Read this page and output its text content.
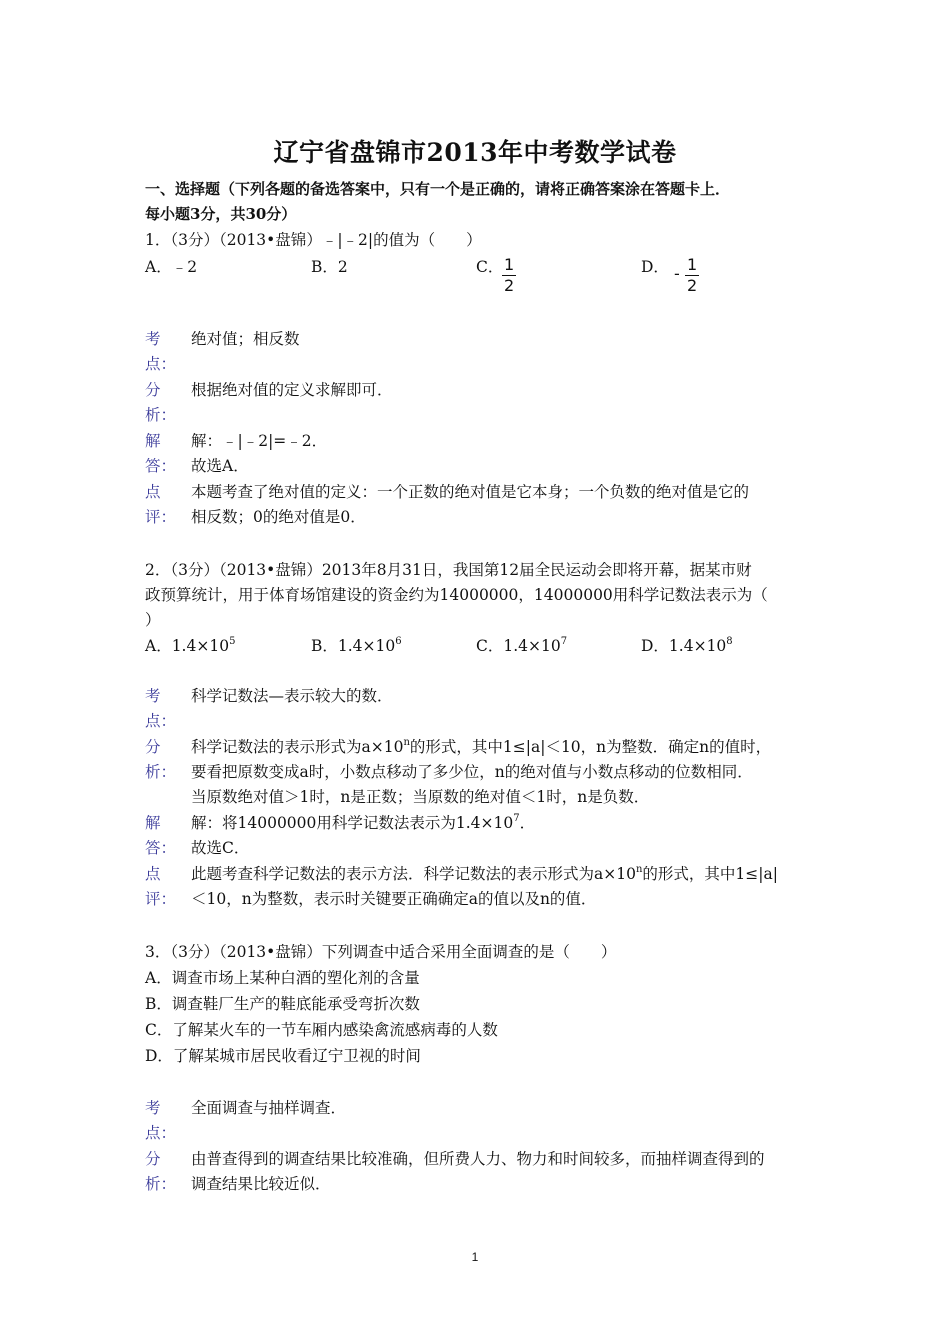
辽宁省盘锦市2013年中考数学试卷
一、选择题（下列各题的备选答案中，只有一个是正确的，请将正确答案涂在答题卡上．
每小题3分，共30分）
1．（3分）（2013•盘锦）﹣|﹣2|的值为（　　）
A．﹣2	B．2	C．
$\frac{1}{2}$	D． - $\frac{1}{2}$
考
点：
绝对值；相反数
分
析：
根据绝对值的定义求解即可．
解
答：
解：﹣|﹣2|=﹣2．
故选A．
点
评：
本题考查了绝对值的定义：一个正数的绝对值是它本身；一个负数的绝对值是它的
相反数；0的绝对值是0．
2．（3分）（2013•盘锦）2013年8月31日，我国第12届全民运动会即将开幕，据某市财
政预算统计，用于体育场馆建设的资金约为14000000，14000000用科学记数法表示为（
）
A．$1.4\times 10^5$	B．$1.4\times 10^6$	C．$1.4\times 10^7$	D．$1.4\times 10^8$
考
点：
科学记数法—表示较大的数．
分
析：
科学记数法的表示形式为$a\times 10^n$的形式，其中1≤|a|＜10，n为整数．确定n的值时，
要看把原数变成a时，小数点移动了多少位，n的绝对值与小数点移动的位数相同．
当原数绝对值＞1时，n是正数；当原数的绝对值＜1时，n是负数．
解
答：
解：将14000000用科学记数法表示为$1.4\times 10^7$．
故选C．
点
评：
此题考查科学记数法的表示方法．科学记数法的表示形式为$a\times 10^n$的形式，其中1≤|a|
＜10，n为整数，表示时关键要正确确定a的值以及n的值．
3．（3分）（2013•盘锦）下列调查中适合采用全面调查的是（　　）
A．调查市场上某种白酒的塑化剂的含量
B．调查鞋厂生产的鞋底能承受弯折次数
C．了解某火车的一节车厢内感染禽流感病毒的人数
D．了解某城市居民收看辽宁卫视的时间
考
点：
全面调查与抽样调查．
分
析：
由普查得到的调查结果比较准确，但所费人力、物力和时间较多，而抽样调查得到的
调查结果比较近似．
1
